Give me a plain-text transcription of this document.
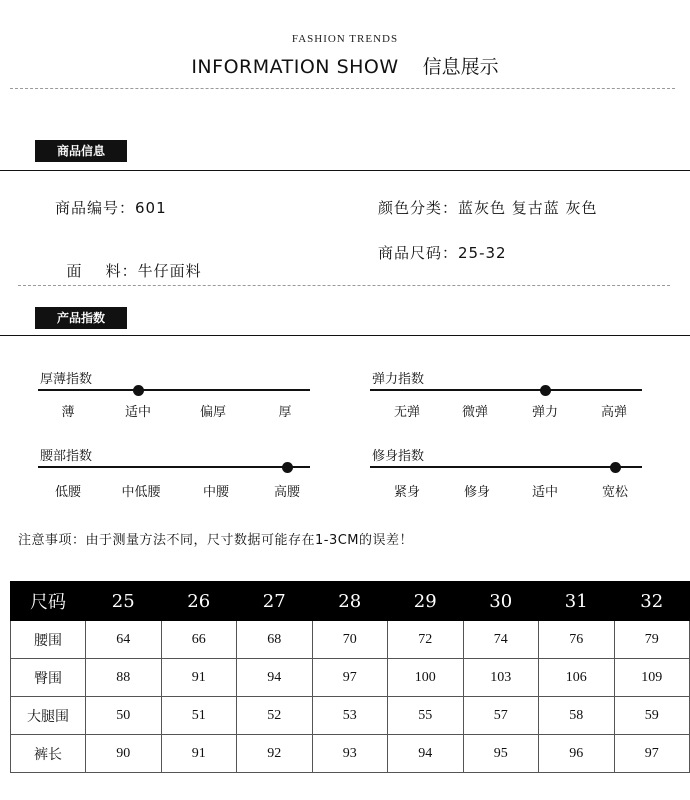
FASHION TRENDS
INFORMATION SHOW 信息展示
商品信息
商品编号：601	颜色分类：蓝灰色 复古蓝 灰色

面    料：牛仔面料

商品尺码：25-32
产品指数
厚薄指数
薄	适中	偏厚	厚
弹力指数
无弹	微弹	弹力	高弹
腰部指数
低腰	中低腰	中腰	高腰
修身指数
紧身	修身	适中	宽松
注意事项：由于测量方法不同，尺寸数据可能存在1-3CM的误差！
尺码	25	26	27	28	29	30	31	32
腰围	64	66	68	70	72	74	76	79
臀围	88	91	94	97	100	103	106	109
大腿围	50	51	52	53	55	57	58	59
裤长	90	91	92	93	94	95	96	97
